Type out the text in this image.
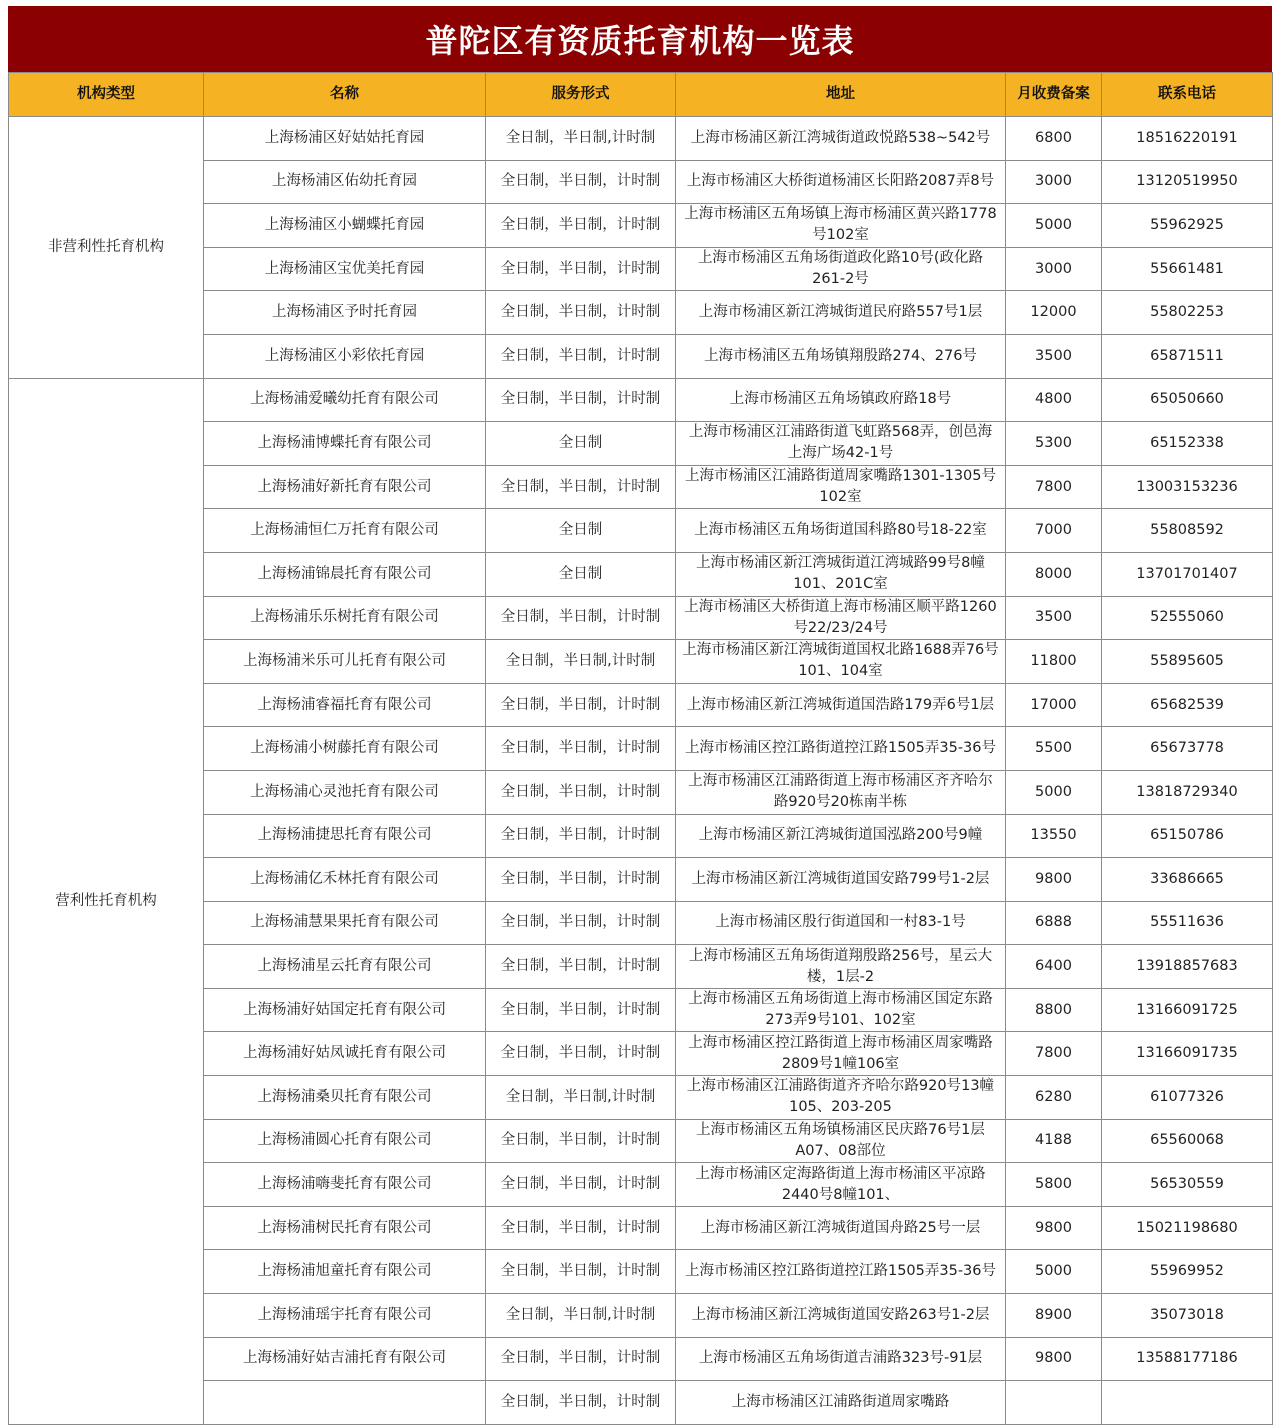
普陀区有资质托育机构一览表
机构类型	名称	服务形式	地址	月收费备案	联系电话
非营利性托育机构	上海杨浦区好姑姑托育园	全日制，半日制,计时制	上海市杨浦区新江湾城街道政悦路538~542号	6800	18516220191
	上海杨浦区佑幼托育园	全日制，半日制，计时制	上海市杨浦区大桥街道杨浦区长阳路2087弄8号	3000	13120519950
	上海杨浦区小蝴蝶托育园	全日制，半日制，计时制	上海市杨浦区五角场镇上海市杨浦区黄兴路1778号102室	5000	55962925
	上海杨浦区宝优美托育园	全日制，半日制，计时制	上海市杨浦区五角场街道政化路10号(政化路261-2号	3000	55661481
	上海杨浦区予时托育园	全日制，半日制，计时制	上海市杨浦区新江湾城街道民府路557号1层	12000	55802253
	上海杨浦区小彩依托育园	全日制，半日制，计时制	上海市杨浦区五角场镇翔殷路274、276号	3500	65871511
营利性托育机构	上海杨浦爱曦幼托育有限公司	全日制，半日制，计时制	上海市杨浦区五角场镇政府路18号	4800	65050660
	上海杨浦博蝶托育有限公司	全日制	上海市杨浦区江浦路街道飞虹路568弄，创邑海上海广场42-1号	5300	65152338
	上海杨浦好新托育有限公司	全日制，半日制，计时制	上海市杨浦区江浦路街道周家嘴路1301-1305号102室	7800	13003153236
	上海杨浦恒仁万托育有限公司	全日制	上海市杨浦区五角场街道国科路80号18-22室	7000	55808592
	上海杨浦锦晨托育有限公司	全日制	上海市杨浦区新江湾城街道江湾城路99号8幢101、201C室	8000	13701701407
	上海杨浦乐乐树托育有限公司	全日制，半日制，计时制	上海市杨浦区大桥街道上海市杨浦区顺平路1260号22/23/24号	3500	52555060
	上海杨浦米乐可儿托育有限公司	全日制，半日制,计时制	上海市杨浦区新江湾城街道国权北路1688弄76号101、104室	11800	55895605
	上海杨浦睿福托育有限公司	全日制，半日制，计时制	上海市杨浦区新江湾城街道国浩路179弄6号1层	17000	65682539
	上海杨浦小树藤托育有限公司	全日制，半日制，计时制	上海市杨浦区控江路街道控江路1505弄35-36号	5500	65673778
	上海杨浦心灵池托育有限公司	全日制，半日制，计时制	上海市杨浦区江浦路街道上海市杨浦区齐齐哈尔路920号20栋南半栋	5000	13818729340
	上海杨浦捷思托育有限公司	全日制，半日制，计时制	上海市杨浦区新江湾城街道国泓路200号9幢	13550	65150786
	上海杨浦亿禾林托育有限公司	全日制，半日制，计时制	上海市杨浦区新江湾城街道国安路799号1-2层	9800	33686665
	上海杨浦慧果果托育有限公司	全日制，半日制，计时制	上海市杨浦区殷行街道国和一村83-1号	6888	55511636
	上海杨浦星云托育有限公司	全日制，半日制，计时制	上海市杨浦区五角场街道翔殷路256号，星云大楼，1层-2	6400	13918857683
	上海杨浦好姑国定托育有限公司	全日制，半日制，计时制	上海市杨浦区五角场街道上海市杨浦区国定东路273弄9号101、102室	8800	13166091725
	上海杨浦好姑凤诚托育有限公司	全日制，半日制，计时制	上海市杨浦区控江路街道上海市杨浦区周家嘴路2809号1幢106室	7800	13166091735
	上海杨浦桑贝托育有限公司	全日制，半日制,计时制	上海市杨浦区江浦路街道齐齐哈尔路920号13幢105、203-205	6280	61077326
	上海杨浦圆心托育有限公司	全日制，半日制，计时制	上海市杨浦区五角场镇杨浦区民庆路76号1层A07、08部位	4188	65560068
	上海杨浦嗨斐托育有限公司	全日制，半日制，计时制	上海市杨浦区定海路街道上海市杨浦区平凉路2440号8幢101、	5800	56530559
	上海杨浦树民托育有限公司	全日制，半日制，计时制	上海市杨浦区新江湾城街道国舟路25号一层	9800	15021198680
	上海杨浦旭童托育有限公司	全日制，半日制，计时制	上海市杨浦区控江路街道控江路1505弄35-36号	5000	55969952
	上海杨浦瑶宇托育有限公司	全日制，半日制,计时制	上海市杨浦区新江湾城街道国安路263号1-2层	8900	35073018
	上海杨浦好姑吉浦托育有限公司	全日制，半日制，计时制	上海市杨浦区五角场街道吉浦路323号-91层	9800	13588177186
		全日制，半日制，计时制	上海市杨浦区江浦路街道周家嘴路		
